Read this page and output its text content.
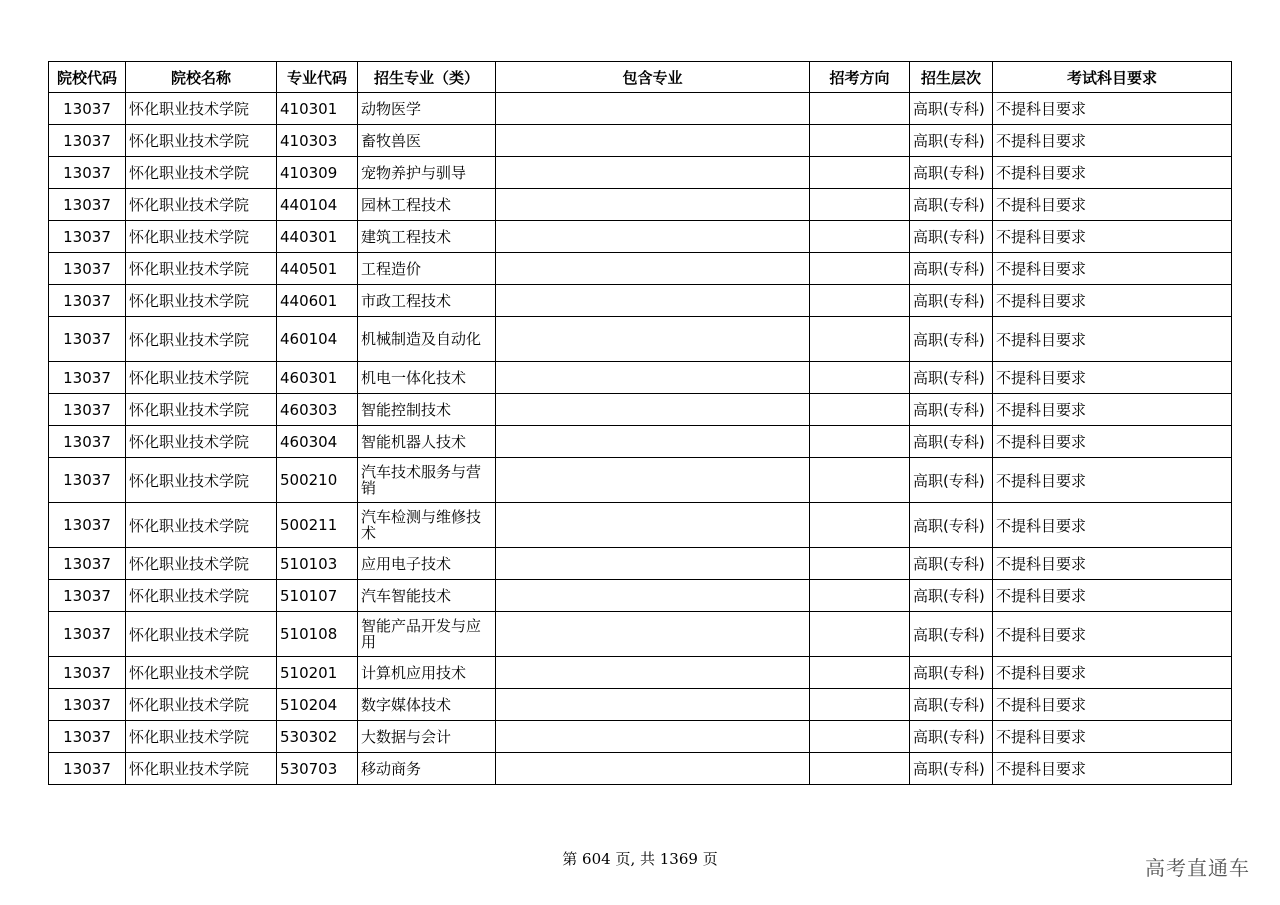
院校代码	院校名称	专业代码	招生专业（类）	包含专业	招考方向	招生层次	考试科目要求
13037	怀化职业技术学院	410301	动物医学			高职(专科)	不提科目要求
13037	怀化职业技术学院	410303	畜牧兽医			高职(专科)	不提科目要求
13037	怀化职业技术学院	410309	宠物养护与驯导			高职(专科)	不提科目要求
13037	怀化职业技术学院	440104	园林工程技术			高职(专科)	不提科目要求
13037	怀化职业技术学院	440301	建筑工程技术			高职(专科)	不提科目要求
13037	怀化职业技术学院	440501	工程造价			高职(专科)	不提科目要求
13037	怀化职业技术学院	440601	市政工程技术			高职(专科)	不提科目要求
13037	怀化职业技术学院	460104	机械制造及自动化			高职(专科)	不提科目要求
13037	怀化职业技术学院	460301	机电一体化技术			高职(专科)	不提科目要求
13037	怀化职业技术学院	460303	智能控制技术			高职(专科)	不提科目要求
13037	怀化职业技术学院	460304	智能机器人技术			高职(专科)	不提科目要求
13037	怀化职业技术学院	500210	汽车技术服务与营销			高职(专科)	不提科目要求
13037	怀化职业技术学院	500211	汽车检测与维修技术			高职(专科)	不提科目要求
13037	怀化职业技术学院	510103	应用电子技术			高职(专科)	不提科目要求
13037	怀化职业技术学院	510107	汽车智能技术			高职(专科)	不提科目要求
13037	怀化职业技术学院	510108	智能产品开发与应用			高职(专科)	不提科目要求
13037	怀化职业技术学院	510201	计算机应用技术			高职(专科)	不提科目要求
13037	怀化职业技术学院	510204	数字媒体技术			高职(专科)	不提科目要求
13037	怀化职业技术学院	530302	大数据与会计			高职(专科)	不提科目要求
13037	怀化职业技术学院	530703	移动商务			高职(专科)	不提科目要求
第 604 页, 共 1369 页	高考直通车
